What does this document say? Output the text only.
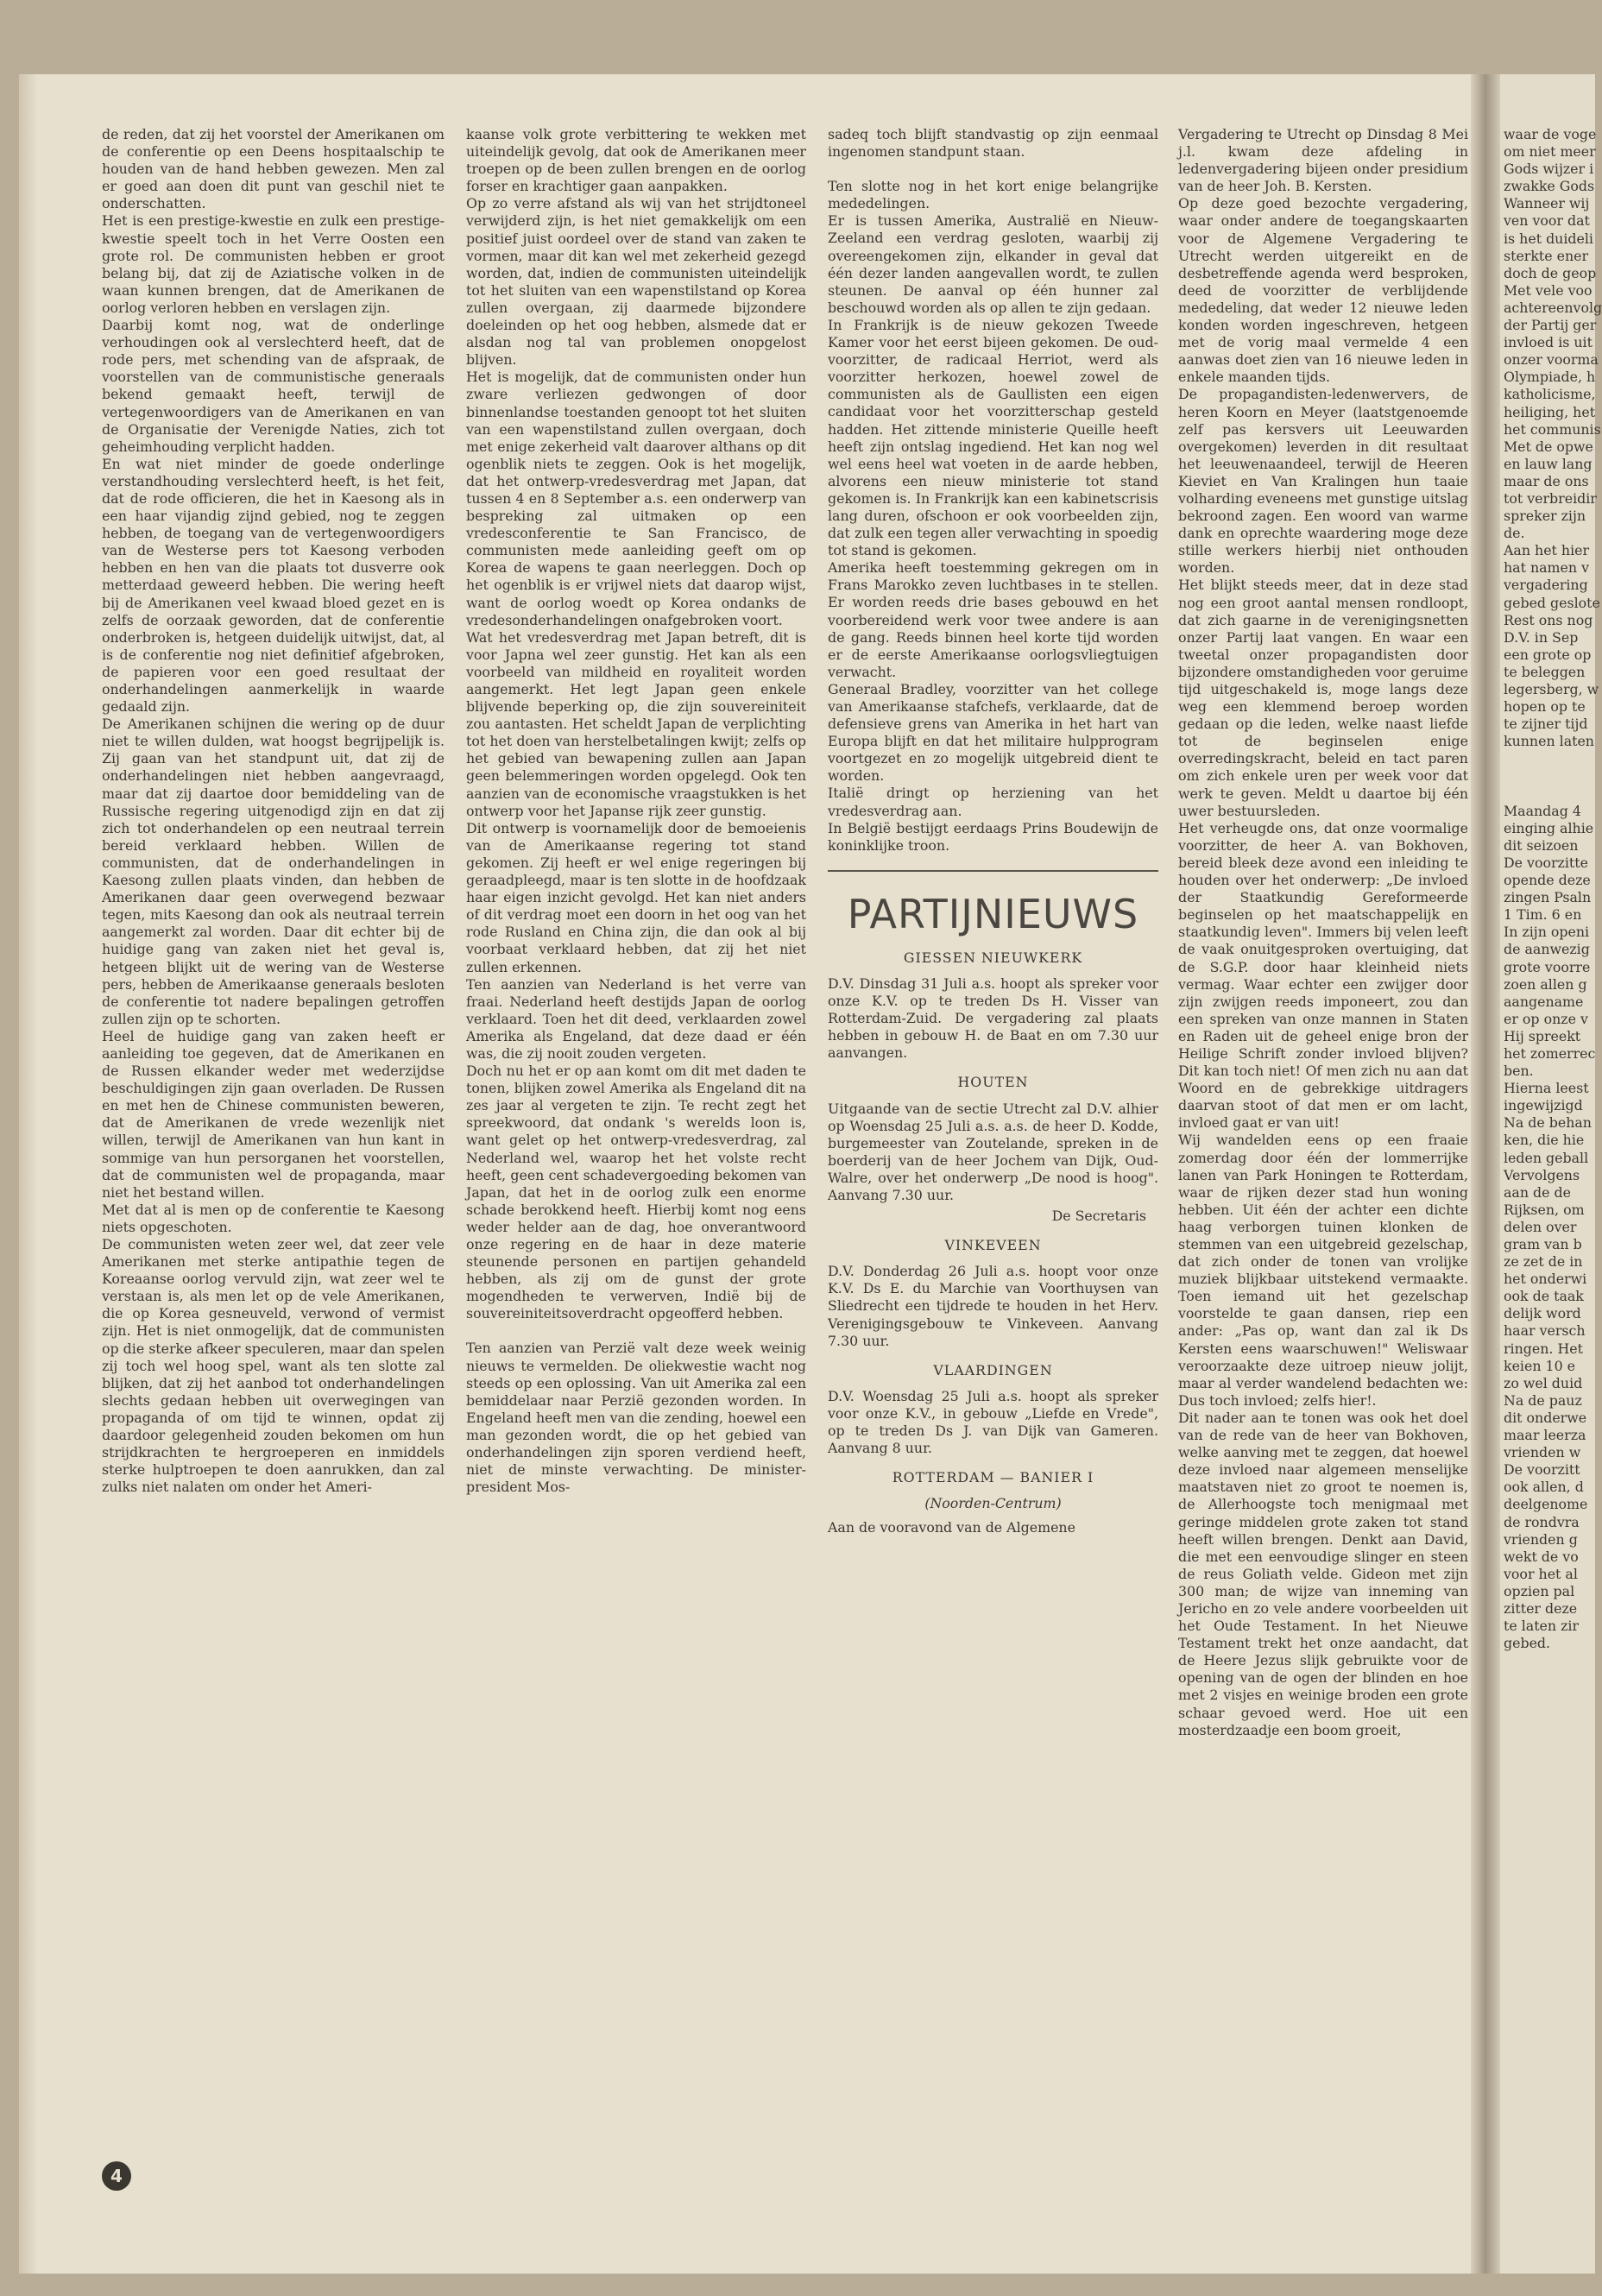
de reden, dat zij het voorstel der Amerikanen om de conferentie op een Deens hospitaalschip te houden van de hand hebben gewezen. Men zal er goed aan doen dit punt van geschil niet te onderschatten.

Het is een prestige-kwestie en zulk een prestige-kwestie speelt toch in het Verre Oosten een grote rol. De communisten hebben er groot belang bij, dat zij de Aziatische volken in de waan kunnen brengen, dat de Amerikanen de oorlog verloren hebben en verslagen zijn.

Daarbij komt nog, wat de onderlinge verhoudingen ook al verslechterd heeft, dat de rode pers, met schending van de afspraak, de voorstellen van de communistische generaals bekend gemaakt heeft, terwijl de vertegenwoordigers van de Amerikanen en van de Organisatie der Verenigde Naties, zich tot geheimhouding verplicht hadden.

En wat niet minder de goede onderlinge verstandhouding verslechterd heeft, is het feit, dat de rode officieren, die het in Kaesong als in een haar vijandig zijnd gebied, nog te zeggen hebben, de toegang van de vertegenwoordigers van de Westerse pers tot Kaesong verboden hebben en hen van die plaats tot dusverre ook metterdaad geweerd hebben. Die wering heeft bij de Amerikanen veel kwaad bloed gezet en is zelfs de oorzaak geworden, dat de conferentie onderbroken is, hetgeen duidelijk uitwijst, dat, al is de conferentie nog niet definitief afgebroken, de papieren voor een goed resultaat der onderhandelingen aanmerkelijk in waarde gedaald zijn.

De Amerikanen schijnen die wering op de duur niet te willen dulden, wat hoogst begrijpelijk is. Zij gaan van het standpunt uit, dat zij de onderhandelingen niet hebben aangevraagd, maar dat zij daartoe door bemiddeling van de Russische regering uitgenodigd zijn en dat zij zich tot onderhandelen op een neutraal terrein bereid verklaard hebben. Willen de communisten, dat de onderhandelingen in Kaesong zullen plaats vinden, dan hebben de Amerikanen daar geen overwegend bezwaar tegen, mits Kaesong dan ook als neutraal terrein aangemerkt zal worden. Daar dit echter bij de huidige gang van zaken niet het geval is, hetgeen blijkt uit de wering van de Westerse pers, hebben de Amerikaanse generaals besloten de conferentie tot nadere bepalingen getroffen zullen zijn op te schorten.

Heel de huidige gang van zaken heeft er aanleiding toe gegeven, dat de Amerikanen en de Russen elkander weder met wederzijdse beschuldigingen zijn gaan overladen. De Russen en met hen de Chinese communisten beweren, dat de Amerikanen de vrede wezenlijk niet willen, terwijl de Amerikanen van hun kant in sommige van hun persorganen het voorstellen, dat de communisten wel de propaganda, maar niet het bestand willen.

Met dat al is men op de conferentie te Kaesong niets opgeschoten.

De communisten weten zeer wel, dat zeer vele Amerikanen met sterke antipathie tegen de Koreaanse oorlog vervuld zijn, wat zeer wel te verstaan is, als men let op de vele Amerikanen, die op Korea gesneuveld, verwond of vermist zijn. Het is niet onmogelijk, dat de communisten op die sterke afkeer speculeren, maar dan spelen zij toch wel hoog spel, want als ten slotte zal blijken, dat zij het aanbod tot onderhandelingen slechts gedaan hebben uit overwegingen van propaganda of om tijd te winnen, opdat zij daardoor gelegenheid zouden bekomen om hun strijdkrachten te hergroeperen en inmiddels sterke hulptroepen te doen aanrukken, dan zal zulks niet nalaten om onder het Ameri-

kaanse volk grote verbittering te wekken met uiteindelijk gevolg, dat ook de Amerikanen meer troepen op de been zullen brengen en de oorlog forser en krachtiger gaan aanpakken.

Op zo verre afstand als wij van het strijdtoneel verwijderd zijn, is het niet gemakkelijk om een positief juist oordeel over de stand van zaken te vormen, maar dit kan wel met zekerheid gezegd worden, dat, indien de communisten uiteindelijk tot het sluiten van een wapenstilstand op Korea zullen overgaan, zij daarmede bijzondere doeleinden op het oog hebben, alsmede dat er alsdan nog tal van problemen onopgelost blijven.

Het is mogelijk, dat de communisten onder hun zware verliezen gedwongen of door binnenlandse toestanden genoopt tot het sluiten van een wapenstilstand zullen overgaan, doch met enige zekerheid valt daarover althans op dit ogenblik niets te zeggen. Ook is het mogelijk, dat het ontwerp-vredesverdrag met Japan, dat tussen 4 en 8 September a.s. een onderwerp van bespreking zal uitmaken op een vredesconferentie te San Francisco, de communisten mede aanleiding geeft om op Korea de wapens te gaan neerleggen. Doch op het ogenblik is er vrijwel niets dat daarop wijst, want de oorlog woedt op Korea ondanks de vredesonderhandelingen onafgebroken voort.

Wat het vredesverdrag met Japan betreft, dit is voor Japna wel zeer gunstig. Het kan als een voorbeeld van mildheid en royaliteit worden aangemerkt. Het legt Japan geen enkele blijvende beperking op, die zijn souvereiniteit zou aantasten. Het scheldt Japan de verplichting tot het doen van herstelbetalingen kwijt; zelfs op het gebied van bewapening zullen aan Japan geen belemmeringen worden opgelegd. Ook ten aanzien van de economische vraagstukken is het ontwerp voor het Japanse rijk zeer gunstig.

Dit ontwerp is voornamelijk door de bemoeienis van de Amerikaanse regering tot stand gekomen. Zij heeft er wel enige regeringen bij geraadpleegd, maar is ten slotte in de hoofdzaak haar eigen inzicht gevolgd. Het kan niet anders of dit verdrag moet een doorn in het oog van het rode Rusland en China zijn, die dan ook al bij voorbaat verklaard hebben, dat zij het niet zullen erkennen.

Ten aanzien van Nederland is het verre van fraai. Nederland heeft destijds Japan de oorlog verklaard. Toen het dit deed, verklaarden zowel Amerika als Engeland, dat deze daad er één was, die zij nooit zouden vergeten.

Doch nu het er op aan komt om dit met daden te tonen, blijken zowel Amerika als Engeland dit na zes jaar al vergeten te zijn. Te recht zegt het spreekwoord, dat ondank 's werelds loon is, want gelet op het ontwerp-vredesverdrag, zal Nederland wel, waarop het het volste recht heeft, geen cent schadevergoeding bekomen van Japan, dat het in de oorlog zulk een enorme schade berokkend heeft. Hierbij komt nog eens weder helder aan de dag, hoe onverantwoord onze regering en de haar in deze materie steunende personen en partijen gehandeld hebben, als zij om de gunst der grote mogendheden te verwerven, Indië bij de souvereiniteitsoverdracht opgeofferd hebben.

Ten aanzien van Perzië valt deze week weinig nieuws te vermelden. De oliekwestie wacht nog steeds op een oplossing. Van uit Amerika zal een bemiddelaar naar Perzië gezonden worden. In Engeland heeft men van die zending, hoewel een man gezonden wordt, die op het gebied van onderhandelingen zijn sporen verdiend heeft, niet de minste verwachting. De minister-president Mos-

sadeq toch blijft standvastig op zijn eenmaal ingenomen standpunt staan.

Ten slotte nog in het kort enige belangrijke mededelingen.

Er is tussen Amerika, Australië en Nieuw-Zeeland een verdrag gesloten, waarbij zij overeengekomen zijn, elkander in geval dat één dezer landen aangevallen wordt, te zullen steunen. De aanval op één hunner zal beschouwd worden als op allen te zijn gedaan.

In Frankrijk is de nieuw gekozen Tweede Kamer voor het eerst bijeen gekomen. De oud-voorzitter, de radicaal Herriot, werd als voorzitter herkozen, hoewel zowel de communisten als de Gaullisten een eigen candidaat voor het voorzitterschap gesteld hadden. Het zittende ministerie Queille heeft heeft zijn ontslag ingediend. Het kan nog wel wel eens heel wat voeten in de aarde hebben, alvorens een nieuw ministerie tot stand gekomen is. In Frankrijk kan een kabinetscrisis lang duren, ofschoon er ook voorbeelden zijn, dat zulk een tegen aller verwachting in spoedig tot stand is gekomen.

Amerika heeft toestemming gekregen om in Frans Marokko zeven luchtbases in te stellen. Er worden reeds drie bases gebouwd en het voorbereidend werk voor twee andere is aan de gang. Reeds binnen heel korte tijd worden er de eerste Amerikaanse oorlogsvliegtuigen verwacht.

Generaal Bradley, voorzitter van het college van Amerikaanse stafchefs, verklaarde, dat de defensieve grens van Amerika in het hart van Europa blijft en dat het militaire hulpprogram voortgezet en zo mogelijk uitgebreid dient te worden.

Italië dringt op herziening van het vredesverdrag aan.

In België bestijgt eerdaags Prins Boudewijn de koninklijke troon.

PARTIJNIEUWS
GIESSEN NIEUWKERK

D.V. Dinsdag 31 Juli a.s. hoopt als spreker voor onze K.V. op te treden Ds H. Visser van Rotterdam-Zuid. De vergadering zal plaats hebben in gebouw H. de Baat en om 7.30 uur aanvangen.

HOUTEN

Uitgaande van de sectie Utrecht zal D.V. alhier op Woensdag 25 Juli a.s. a.s. de heer D. Kodde, burgemeester van Zoutelande, spreken in de boerderij van de heer Jochem van Dijk, Oud-Walre, over het onderwerp „De nood is hoog". Aanvang 7.30 uur.

De Secretaris
VINKEVEEN

D.V. Donderdag 26 Juli a.s. hoopt voor onze K.V. Ds E. du Marchie van Voorthuysen van Sliedrecht een tijdrede te houden in het Herv. Verenigingsgebouw te Vinkeveen. Aanvang 7.30 uur.

VLAARDINGEN

D.V. Woensdag 25 Juli a.s. hoopt als spreker voor onze K.V., in gebouw „Liefde en Vrede", op te treden Ds J. van Dijk van Gameren. Aanvang 8 uur.

ROTTERDAM — BANIER I
(Noorden-Centrum)

Aan de vooravond van de Algemene

Vergadering te Utrecht op Dinsdag 8 Mei j.l. kwam deze afdeling in ledenvergadering bijeen onder presidium van de heer Joh. B. Kersten.

Op deze goed bezochte vergadering, waar onder andere de toegangskaarten voor de Algemene Vergadering te Utrecht werden uitgereikt en de desbetreffende agenda werd besproken, deed de voorzitter de verblijdende mededeling, dat weder 12 nieuwe leden konden worden ingeschreven, hetgeen met de vorig maal vermelde 4 een aanwas doet zien van 16 nieuwe leden in enkele maanden tijds.

De propagandisten-ledenwervers, de heren Koorn en Meyer (laatstgenoemde zelf pas kersvers uit Leeuwarden overgekomen) leverden in dit resultaat het leeuwenaandeel, terwijl de Heeren Kieviet en Van Kralingen hun taaie volharding eveneens met gunstige uitslag bekroond zagen. Een woord van warme dank en oprechte waardering moge deze stille werkers hierbij niet onthouden worden.

Het blijkt steeds meer, dat in deze stad nog een groot aantal mensen rondloopt, dat zich gaarne in de verenigingsnetten onzer Partij laat vangen. En waar een tweetal onzer propagandisten door bijzondere omstandigheden voor geruime tijd uitgeschakeld is, moge langs deze weg een klemmend beroep worden gedaan op die leden, welke naast liefde tot de beginselen enige overredingskracht, beleid en tact paren om zich enkele uren per week voor dat werk te geven. Meldt u daartoe bij één uwer bestuursleden.

Het verheugde ons, dat onze voormalige voorzitter, de heer A. van Bokhoven, bereid bleek deze avond een inleiding te houden over het onderwerp: „De invloed der Staatkundig Gereformeerde beginselen op het maatschappelijk en staatkundig leven". Immers bij velen leeft de vaak onuitgesproken overtuiging, dat de S.G.P. door haar kleinheid niets vermag. Waar echter een zwijger door zijn zwijgen reeds imponeert, zou dan een spreken van onze mannen in Staten en Raden uit de geheel enige bron der Heilige Schrift zonder invloed blijven? Dit kan toch niet! Of men zich nu aan dat Woord en de gebrekkige uitdragers daarvan stoot of dat men er om lacht, invloed gaat er van uit!

Wij wandelden eens op een fraaie zomerdag door één der lommerrijke lanen van Park Honingen te Rotterdam, waar de rijken dezer stad hun woning hebben. Uit één der achter een dichte haag verborgen tuinen klonken de stemmen van een uitgebreid gezelschap, dat zich onder de tonen van vrolijke muziek blijkbaar uitstekend vermaakte. Toen iemand uit het gezelschap voorstelde te gaan dansen, riep een ander: „Pas op, want dan zal ik Ds Kersten eens waarschuwen!" Weliswaar veroorzaakte deze uitroep nieuw jolijt, maar al verder wandelend bedachten we: Dus toch invloed; zelfs hier!.

Dit nader aan te tonen was ook het doel van de rede van de heer van Bokhoven, welke aanving met te zeggen, dat hoewel deze invloed naar algemeen menselijke maatstaven niet zo groot te noemen is, de Allerhoogste toch menigmaal met geringe middelen grote zaken tot stand heeft willen brengen. Denkt aan David, die met een eenvoudige slinger en steen de reus Goliath velde. Gideon met zijn 300 man; de wijze van inneming van Jericho en zo vele andere voorbeelden uit het Oude Testament. In het Nieuwe Testament trekt het onze aandacht, dat de Heere Jezus slijk gebruikte voor de opening van de ogen der blinden en hoe met 2 visjes en weinige broden een grote schaar gevoed werd. Hoe uit een mosterdzaadje een boom groeit,

waar de voge

om niet meer

Gods wijzer i

zwakke Gods

Wanneer wij

ven voor dat

is het duideli

sterkte ener

doch de geop

Met vele voo

achtereenvolg

der Partij ger

invloed is uit

onzer voorma

Olympiade, h

katholicisme,

heiliging, het

het communis

Met de opwe

en lauw lang

maar de ons

tot verbreidir

spreker zijn

de.

Aan het hier

hat namen v

vergadering

gebed geslote

Rest ons nog

D.V. in Sep

een grote op

te beleggen

legersberg, w

hopen op te

te zijner tijd

kunnen laten

Maandag 4

einging alhie

dit seizoen

De voorzitte

opende deze

zingen Psaln

1 Tim. 6 en

In zijn openi

de aanwezig

grote voorre

zoen allen g

aangename

er op onze v

Hij spreekt

het zomerrec

ben.

Hierna leest

ingewijzigd

Na de behan

ken, die hie

leden geball

Vervolgens

aan de de

Rijksen, om

delen over

gram van b

ze zet de in

het onderwi

ook de taak

delijk word

haar versch

ringen. Het

keien 10 e

zo wel duid

Na de pauz

dit onderwe

maar leerza

vrienden w

De voorzitt

ook allen, d

deelgenome

de rondvra

vrienden g

wekt de vo

voor het al

opzien pal

zitter deze

te laten zir

gebed.

4
